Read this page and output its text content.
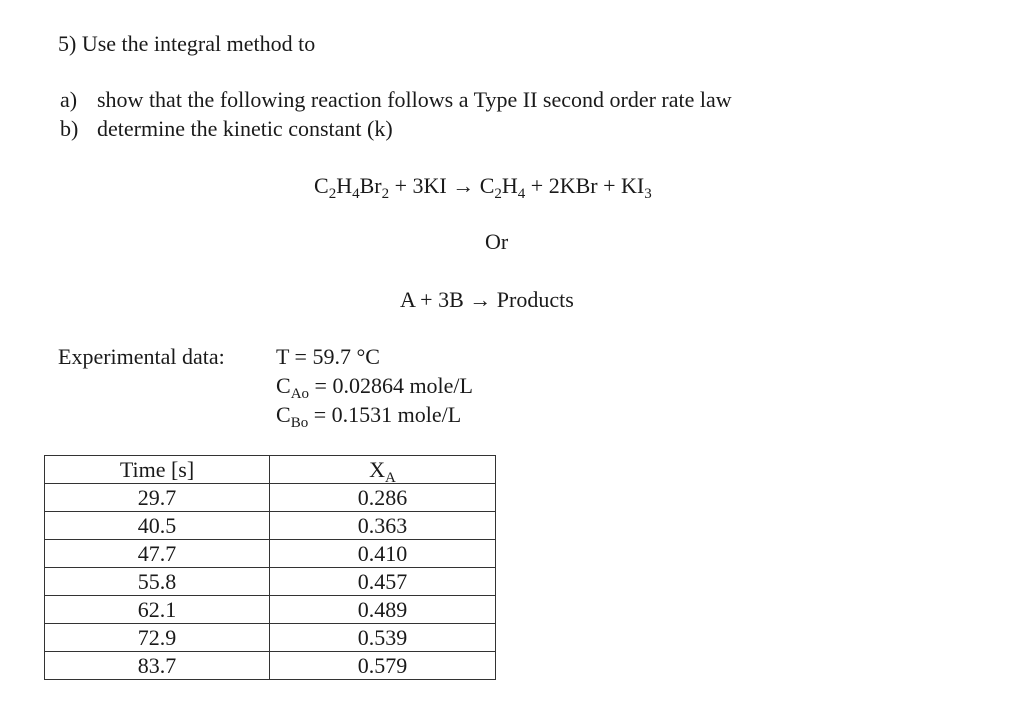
5) Use the integral method to
a) show that the following reaction follows a Type II second order rate law
b) determine the kinetic constant (k)
$C_2H_4Br_2 + 3KI \to C_2H_4 + 2KBr + KI_3$
Or
A + 3B → Products
Experimental data: T = 59.7 °C
$C_{Ao} = 0.02864$ mole/L
$C_{Bo} = 0.1531$ mole/L
Time [s]	$X_A$
29.7	0.286
40.5	0.363
47.7	0.410
55.8	0.457
62.1	0.489
72.9	0.539
83.7	0.579
